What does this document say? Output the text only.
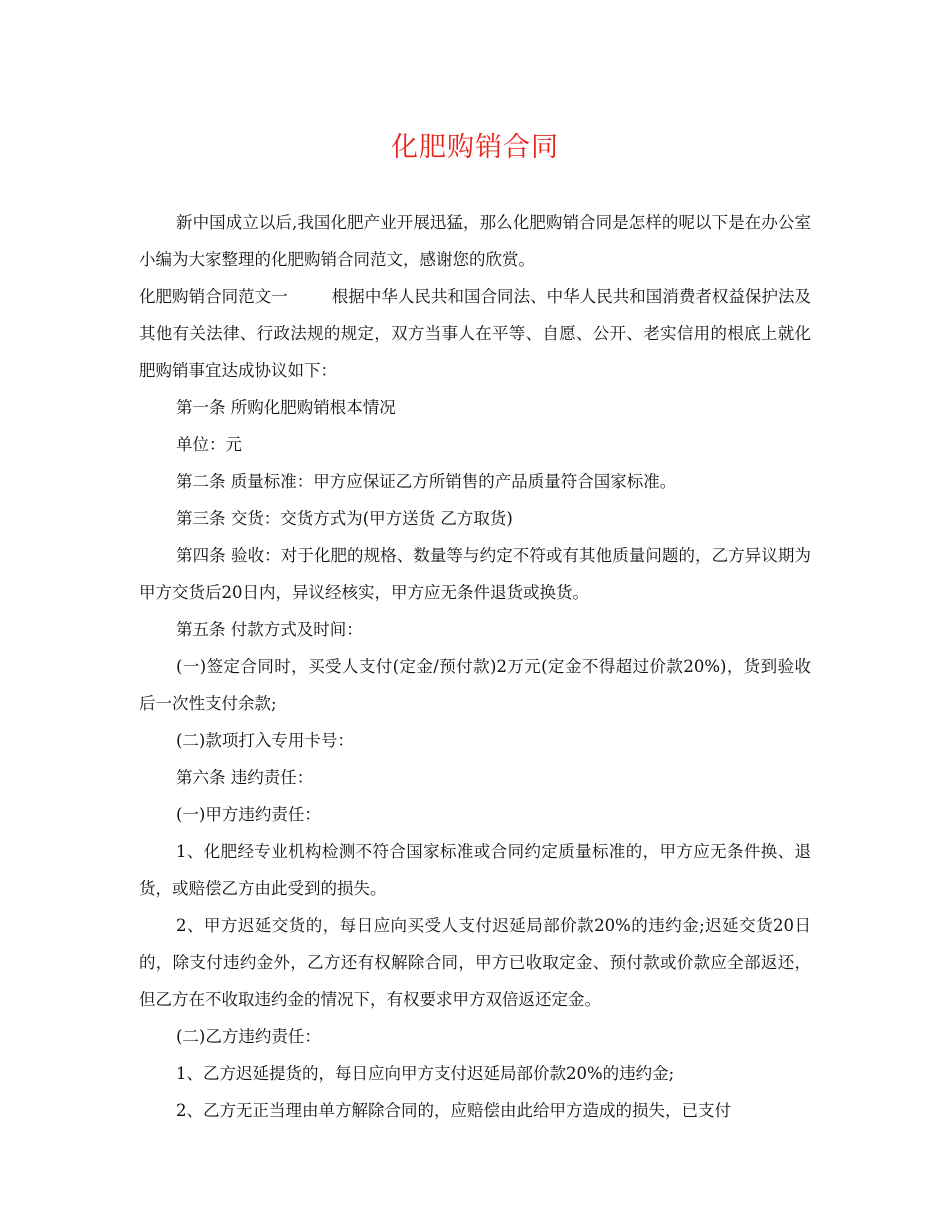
化肥购销合同

新中国成立以后,我国化肥产业开展迅猛，那么化肥购销合同是怎样的呢以下是在办公室小编为大家整理的化肥购销合同范文，感谢您的欣赏。

化肥购销合同范文一	根据中华人民共和国合同法、中华人民共和国消费者权益保护法及其他有关法律、行政法规的规定，双方当事人在平等、自愿、公开、老实信用的根底上就化肥购销事宜达成协议如下：

第一条 所购化肥购销根本情况

单位：元

第二条 质量标准：甲方应保证乙方所销售的产品质量符合国家标准。

第三条 交货：交货方式为(甲方送货 乙方取货)

第四条 验收：对于化肥的规格、数量等与约定不符或有其他质量问题的，乙方异议期为甲方交货后20日内，异议经核实，甲方应无条件退货或换货。

第五条 付款方式及时间：

(一)签定合同时，买受人支付(定金/预付款)2万元(定金不得超过价款20%)，货到验收后一次性支付余款;

(二)款项打入专用卡号：

第六条 违约责任：

(一)甲方违约责任：

1、化肥经专业机构检测不符合国家标准或合同约定质量标准的，甲方应无条件换、退货，或赔偿乙方由此受到的损失。

2、甲方迟延交货的，每日应向买受人支付迟延局部价款20%的违约金;迟延交货20日的，除支付违约金外，乙方还有权解除合同，甲方已收取定金、预付款或价款应全部返还，但乙方在不收取违约金的情况下，有权要求甲方双倍返还定金。

(二)乙方违约责任：

1、乙方迟延提货的，每日应向甲方支付迟延局部价款20%的违约金;

2、乙方无正当理由单方解除合同的，应赔偿由此给甲方造成的损失，已支付
